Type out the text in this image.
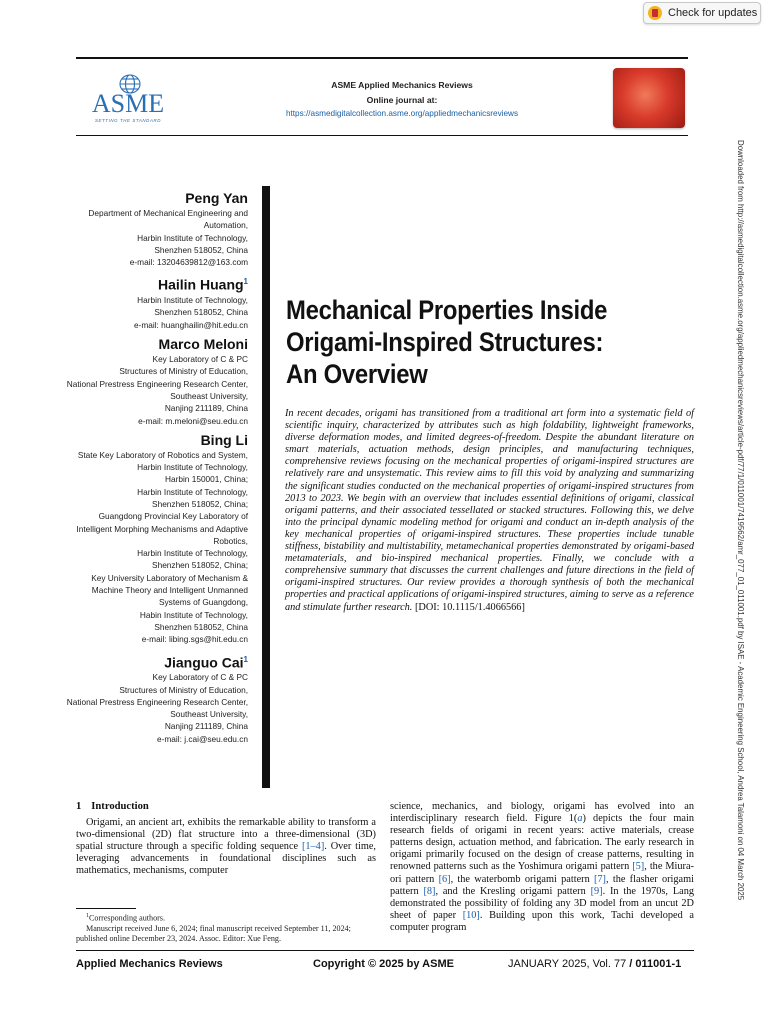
Check for updates
ASME
SETTING THE STANDARD
ASME Applied Mechanics Reviews
Online journal at:
https://asmedigitalcollection.asme.org/appliedmechanicsreviews
Downloaded from http://asmedigitalcollection.asme.org/appliedmechanicsreviews/article-pdf/77/1/011001/7419562/amr_077_01_011001.pdf by ISAE - Academic Engineering School, Andrea Talamoni on 04 March 2025
Peng Yan
Department of Mechanical Engineering and
Automation,
Harbin Institute of Technology,
Shenzhen 518052, China
e-mail: 13204639812@163.com
Hailin Huang$^1$
Harbin Institute of Technology,
Shenzhen 518052, China
e-mail: huanghailin@hit.edu.cn
Marco Meloni
Key Laboratory of C & PC
Structures of Ministry of Education,
National Prestress Engineering Research Center,
Southeast University,
Nanjing 211189, China
e-mail: m.meloni@seu.edu.cn
Bing Li
State Key Laboratory of Robotics and System,
Harbin Institute of Technology,
Harbin 150001, China;
Harbin Institute of Technology,
Shenzhen 518052, China;
Guangdong Provincial Key Laboratory of
Intelligent Morphing Mechanisms and Adaptive
Robotics,
Harbin Institute of Technology,
Shenzhen 518052, China;
Key University Laboratory of Mechanism &
Machine Theory and Intelligent Unmanned
Systems of Guangdong,
Habin Institute of Technology,
Shenzhen 518052, China
e-mail: libing.sgs@hit.edu.cn
Jianguo Cai$^1$
Key Laboratory of C & PC
Structures of Ministry of Education,
National Prestress Engineering Research Center,
Southeast University,
Nanjing 211189, China
e-mail: j.cai@seu.edu.cn
Mechanical Properties Inside
Origami-Inspired Structures:
An Overview
In recent decades, origami has transitioned from a traditional art form into a systematic field of scientific inquiry, characterized by attributes such as high foldability, lightweight frameworks, diverse deformation modes, and limited degrees-of-freedom. Despite the abundant literature on smart materials, actuation methods, design principles, and manufacturing techniques, comprehensive reviews focusing on the mechanical properties of origami-inspired structures are relatively rare and unsystematic. This review aims to fill this void by analyzing and summarizing the significant studies conducted on the mechanical properties of origami-inspired structures from 2013 to 2023. We begin with an overview that includes essential definitions of origami, classical origami patterns, and their associated tessellated or stacked structures. Following this, we delve into the principal dynamic modeling method for origami and conduct an in-depth analysis of the key mechanical properties of origami-inspired structures. These properties include tunable stiffness, bistability and multistability, metamechanical properties demonstrated by origami-based metamaterials, and bio-inspired mechanical properties. Finally, we conclude with a comprehensive summary that discusses the current challenges and future directions in the field of origami-inspired structures. Our review provides a thorough synthesis of both the mechanical properties and practical applications of origami-inspired structures, aiming to serve as a reference and stimulate further research. [DOI: 10.1115/1.4066566]
1 Introduction
Origami, an ancient art, exhibits the remarkable ability to transform a two-dimensional (2D) flat structure into a three-dimensional (3D) spatial structure through a specific folding sequence [1–4]. Over time, leveraging advancements in foundational disciplines such as mathematics, mechanisms, computer
$^1$Corresponding authors.
Manuscript received June 6, 2024; final manuscript received September 11, 2024; published online December 23, 2024. Assoc. Editor: Xue Feng.
science, mechanics, and biology, origami has evolved into an interdisciplinary research field. Figure 1(a) depicts the four main research fields of origami in recent years: active materials, crease patterns design, actuation method, and fabrication. The early research in origami primarily focused on the design of crease patterns, resulting in renowned patterns such as the Yoshimura origami pattern [5], the Miura-ori pattern [6], the waterbomb origami pattern [7], the flasher origami pattern [8], and the Kresling origami pattern [9]. In the 1970s, Lang demonstrated the possibility of folding any 3D model from an uncut 2D sheet of paper [10]. Building upon this work, Tachi developed a computer program
Applied Mechanics Reviews	Copyright © 2025 by ASME	JANUARY 2025, Vol. 77 / 011001-1
